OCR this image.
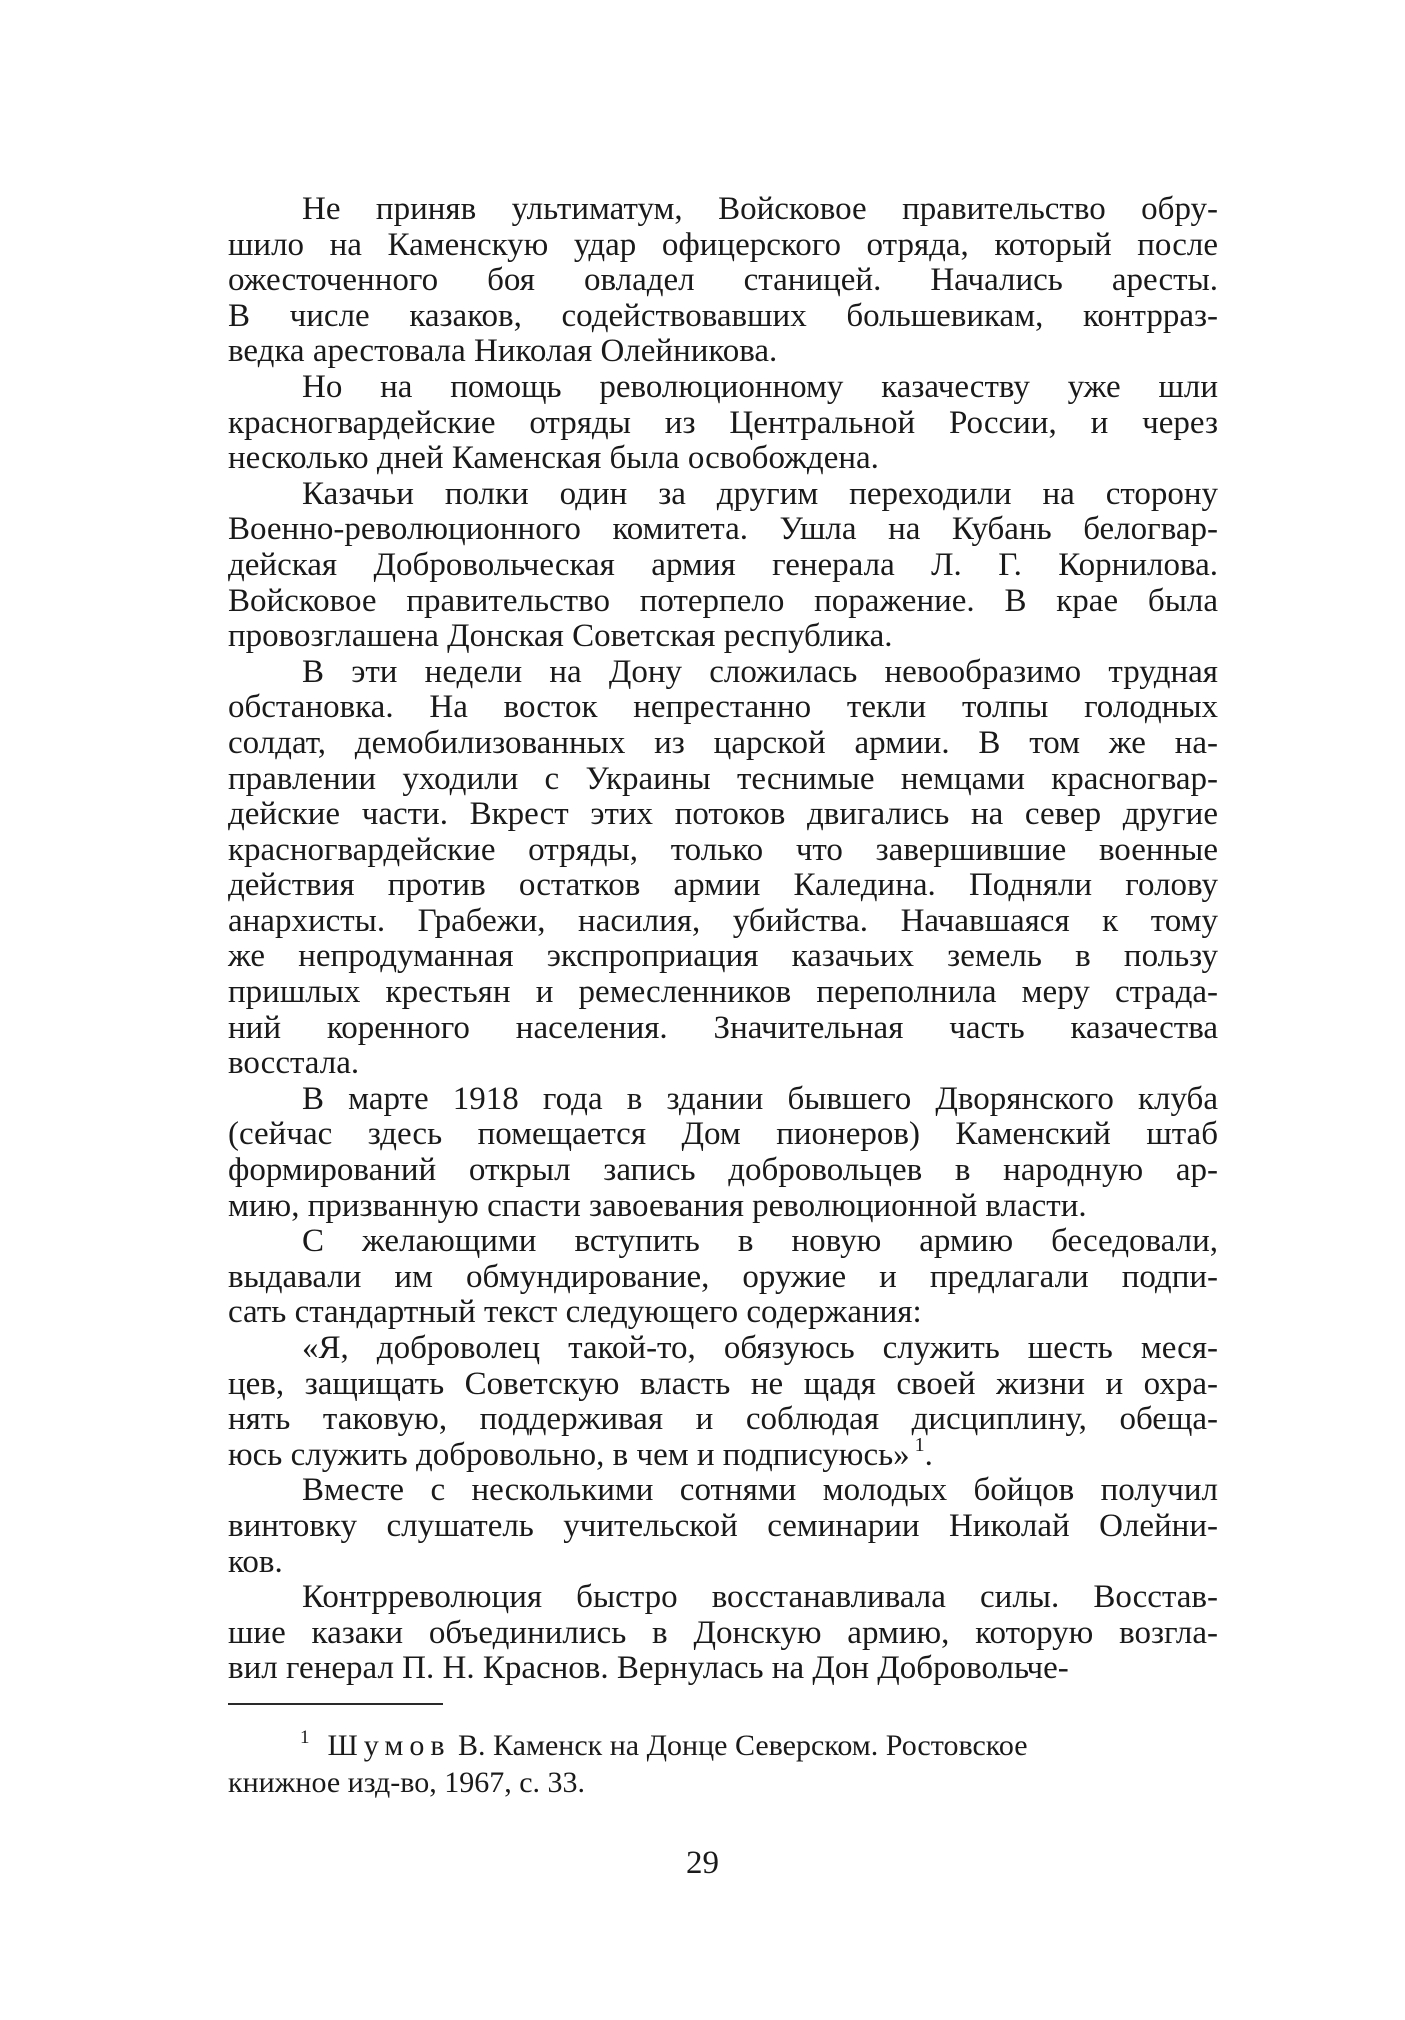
Не приняв ультиматум, Войсковое правительство обру-
шило на Каменскую удар офицерского отряда, который после
ожесточенного боя овладел станицей. Начались аресты.
В числе казаков, содействовавших большевикам, контрраз-
ведка арестовала Николая Олейникова.
Но на помощь революционному казачеству уже шли
красногвардейские отряды из Центральной России, и через
несколько дней Каменская была освобождена.
Казачьи полки один за другим переходили на сторону
Военно-революционного комитета. Ушла на Кубань белогвар-
дейская Добровольческая армия генерала Л. Г. Корнилова.
Войсковое правительство потерпело поражение. В крае была
провозглашена Донская Советская республика.
В эти недели на Дону сложилась невообразимо трудная
обстановка. На восток непрестанно текли толпы голодных
солдат, демобилизованных из царской армии. В том же на-
правлении уходили с Украины теснимые немцами красногвар-
дейские части. Вкрест этих потоков двигались на север другие
красногвардейские отряды, только что завершившие военные
действия против остатков армии Каледина. Подняли голову
анархисты. Грабежи, насилия, убийства. Начавшаяся к тому
же непродуманная экспроприация казачьих земель в пользу
пришлых крестьян и ремесленников переполнила меру страда-
ний коренного населения. Значительная часть казачества
восстала.
В марте 1918 года в здании бывшего Дворянского клуба
(сейчас здесь помещается Дом пионеров) Каменский штаб
формирований открыл запись добровольцев в народную ар-
мию, призванную спасти завоевания революционной власти.
С желающими вступить в новую армию беседовали,
выдавали им обмундирование, оружие и предлагали подпи-
сать стандартный текст следующего содержания:
«Я, доброволец такой-то, обязуюсь служить шесть меся-
цев, защищать Советскую власть не щадя своей жизни и охра-
нять таковую, поддерживая и соблюдая дисциплину, обеща-
юсь служить добровольно, в чем и подписуюсь» $^1$.
Вместе с несколькими сотнями молодых бойцов получил
винтовку слушатель учительской семинарии Николай Олейни-
ков.
Контрреволюция быстро восстанавливала силы. Восстав-
шие казаки объединились в Донскую армию, которую возгла-
вил генерал П. Н. Краснов. Вернулась на Дон Добровольче-
$^1$ Шумов В. Каменск на Донце Северском. Ростовское
книжное изд-во, 1967, с. 33.
29
